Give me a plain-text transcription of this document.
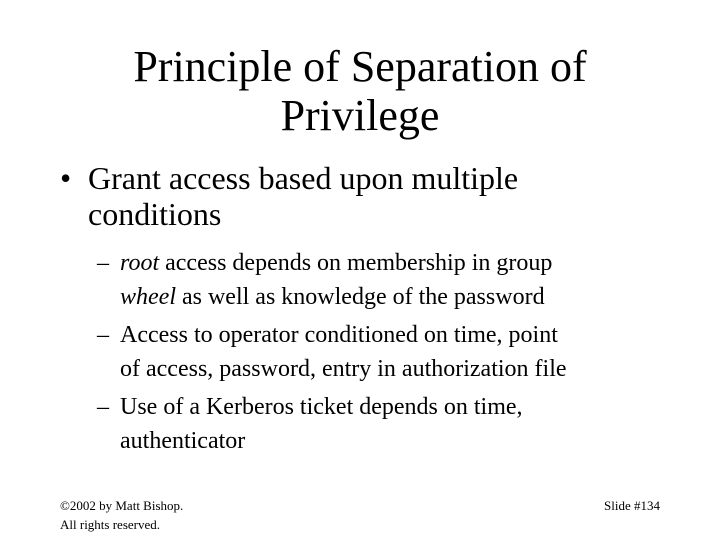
Principle of Separation of
Privilege
• Grant access based upon multiple
conditions
– root access depends on membership in group
wheel as well as knowledge of the password
– Access to operator conditioned on time, point
of access, password, entry in authorization file
– Use of a Kerberos ticket depends on time,
authenticator
©2002 by Matt Bishop.
All rights reserved.
Slide #134
